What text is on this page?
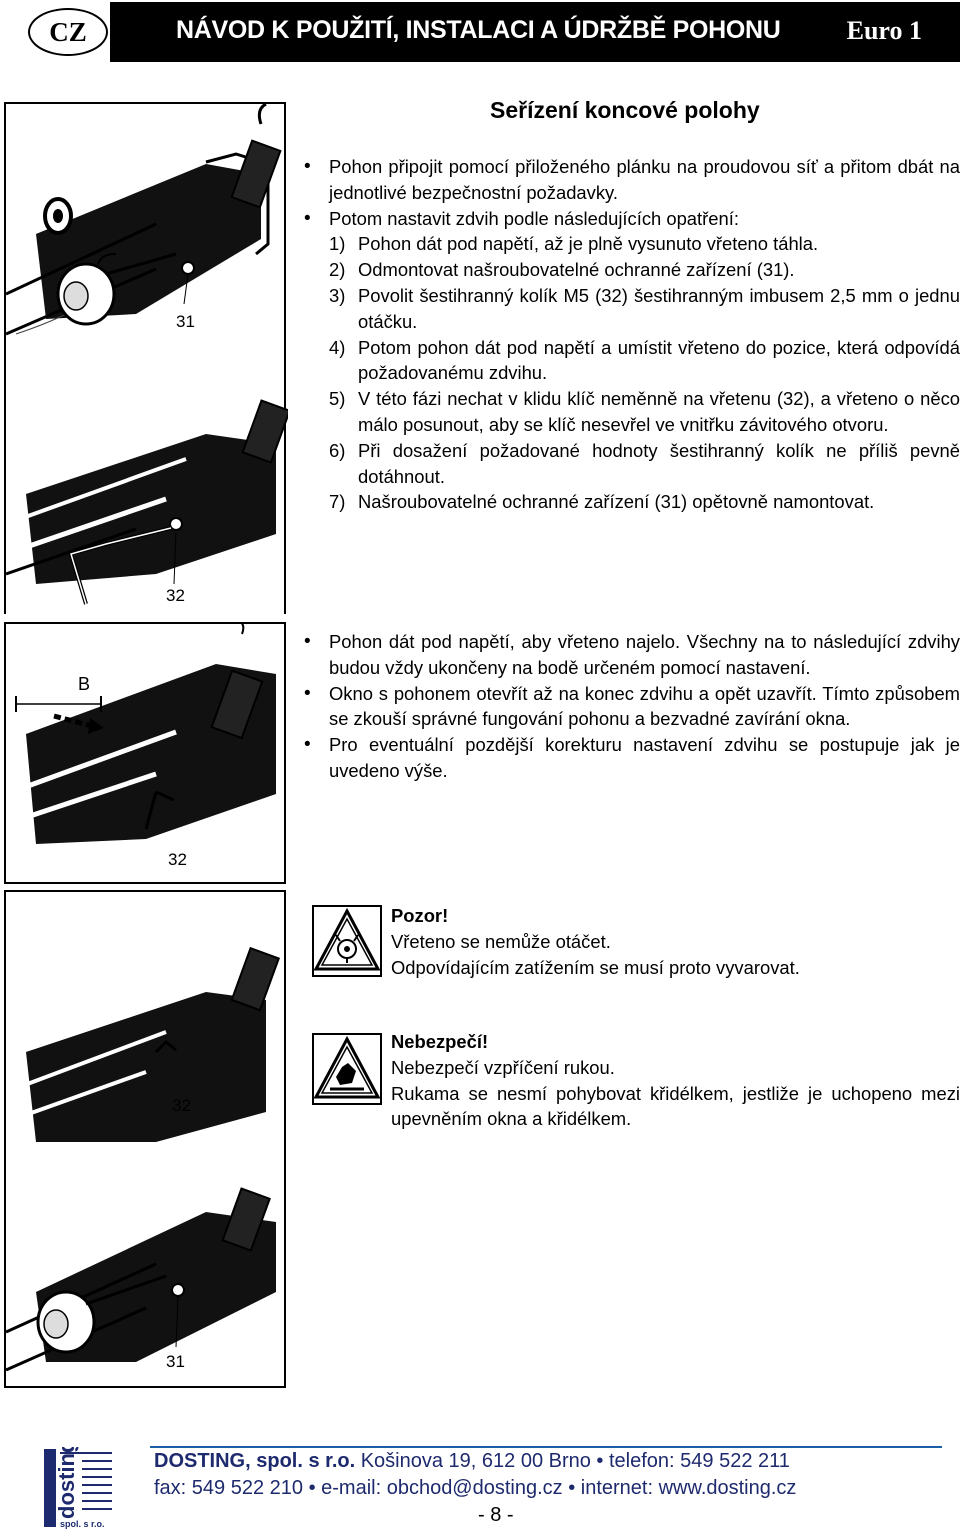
CZ	NÁVOD K POUŽITÍ, INSTALACI A ÚDRŽBĚ POHONU	Euro 1
31
32
B
32
32
31
Seřízení koncové polohy
• Pohon připojit pomocí přiloženého plánku na proudovou síť a přitom dbát na jednotlivé bezpečnostní požadavky.
• Potom nastavit zdvih podle následujících opatření:
1) Pohon dát pod napětí, až je plně vysunuto vřeteno táhla.
2) Odmontovat našroubovatelné ochranné zařízení (31).
3) Povolit šestihranný kolík M5 (32) šestihranným imbusem 2,5 mm o jednu otáčku.
4) Potom pohon dát pod napětí a umístit vřeteno do pozice, která odpovídá požadovanému zdvihu.
5) V této fázi nechat v klidu klíč neměnně na vřetenu (32), a vřeteno o něco málo posunout, aby se klíč nesevřel ve vnitřku závitového otvoru.
6) Při dosažení požadované hodnoty šestihranný kolík ne příliš pevně dotáhnout.
7) Našroubovatelné ochranné zařízení (31) opětovně namontovat.
• Pohon dát pod napětí, aby vřeteno najelo. Všechny na to následující zdvihy budou vždy ukončeny na bodě určeném pomocí nastavení.
• Okno s pohonem otevřít až na konec zdvihu a opět uzavřít. Tímto způsobem se zkouší správné fungování pohonu a bezvadné zavírání okna.
• Pro eventuální pozdější korekturu nastavení zdvihu se postupuje jak je uvedeno výše.
Pozor!
Vřeteno se nemůže otáčet.
Odpovídajícím zatížením se musí proto vyvarovat.
Nebezpečí!
Nebezpečí vzpříčení rukou.
Rukama se nesmí pohybovat křidélkem, jestliže je uchopeno mezi upevněním okna a křidélkem.
dosting
spol. s r.o.
DOSTING, spol. s r.o. Košinova 19, 612 00 Brno • telefon: 549 522 211
fax: 549 522 210 • e-mail: obchod@dosting.cz • internet: www.dosting.cz
- 8 -
